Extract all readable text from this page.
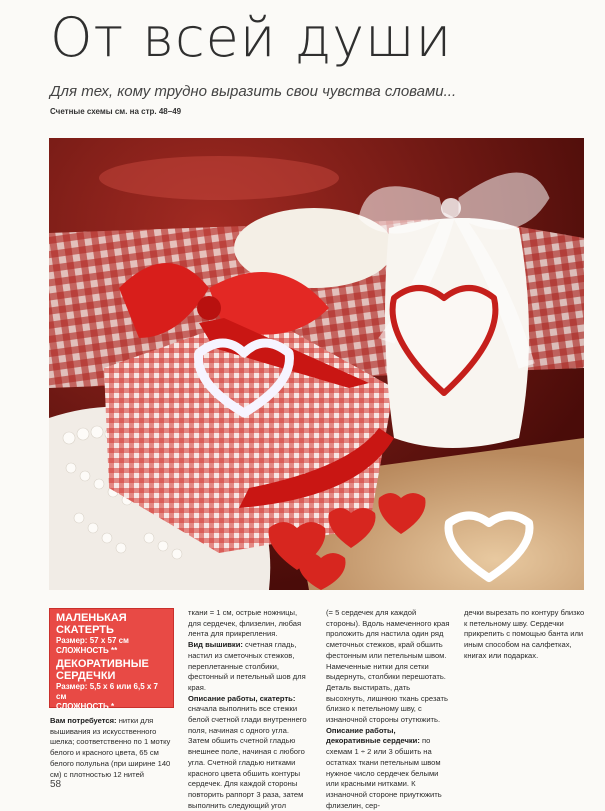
От всей души
Для тех, кому трудно выразить свои чувства словами...
Счетные схемы см. на стр. 48–49
МАЛЕНЬКАЯ
СКАТЕРТЬ
Размер: 57 x 57 см
СЛОЖНОСТЬ **
ДЕКОРАТИВНЫЕ
СЕРДЕЧКИ
Размер: 5,5 x 6 или 6,5 x 7 см
СЛОЖНОСТЬ *

Вам потребуется: нитки для вышивания из искусственного шелка; соответственно по 1 мотку белого и красного цвета, 65 см белого полульна (при ширине 140 см) с плотностью 12 нитей

ткани = 1 см, острые ножницы, для сердечек, флизелин, любая лента для прикрепления.

Вид вышивки: счетная гладь, настил из сметочных стежков, переплетанные столбики, фестонный и петельный шов для края.

Описание работы, скатерть: сначала выполнить все стежки белой счетной глади внутреннего поля, начиная с одного угла. Затем обшить счетной гладью внешнее поле, начиная с любого угла. Счетной гладью нитками красного цвета обшить контуры сердечек. Для каждой стороны повторить раппорт 3 раза, затем выполнить следующий угол

(= 5 сердечек для каждой стороны). Вдоль намеченного края проложить для настила один ряд сметочных стежков, край обшить фестонным или петельным швом. Намеченные нитки для сетки выдернуть, столбики перешотать. Деталь выстирать, дать высохнуть, лишнюю ткань срезать близко к петельному шву, с изнаночной стороны отутюжить.

Описание работы, декоративные сердечки: по схемам 1 ÷ 2 или 3 обшить на остатках ткани петельным швом нужное число сердечек белыми или красными нитками. К изнаночной стороне приутюжить флизелин, сер-

дечки вырезать по контуру близко к петельному шву. Сердечки прикрепить с помощью банта или иным способом на салфетках, книгах или подарках.

58
